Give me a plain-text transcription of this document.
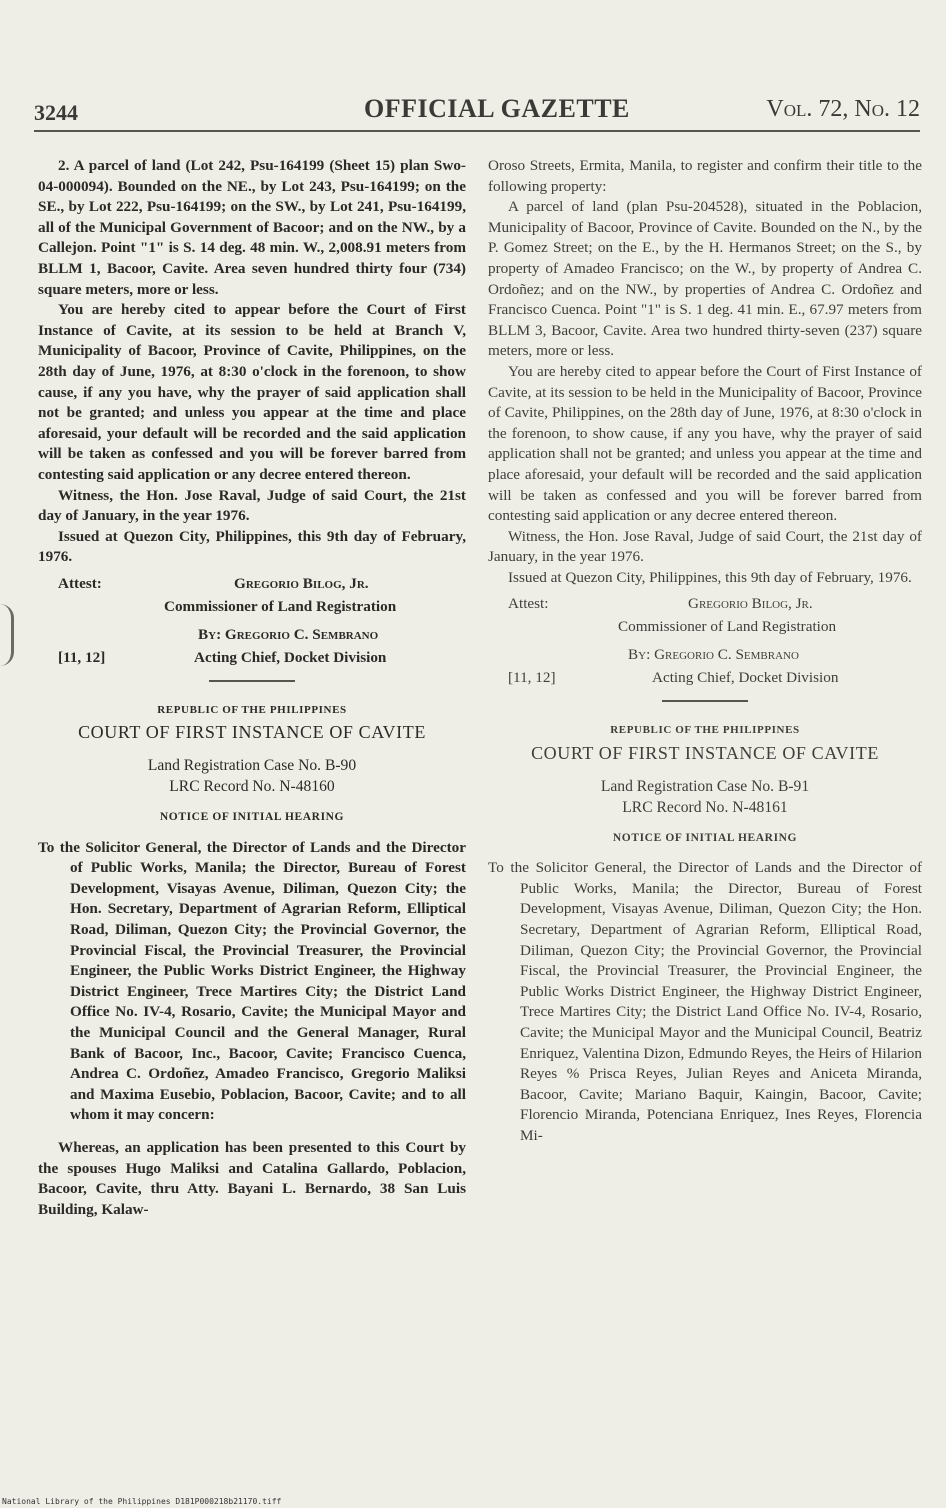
3244	OFFICIAL GAZETTE	Vol. 72, No. 12

2. A parcel of land (Lot 242, Psu-164199 (Sheet 15) plan Swo-04-000094). Bounded on the NE., by Lot 243, Psu-164199; on the SE., by Lot 222, Psu-164199; on the SW., by Lot 241, Psu-164199, all of the Municipal Government of Bacoor; and on the NW., by a Callejon. Point "1" is S. 14 deg. 48 min. W., 2,008.91 meters from BLLM 1, Bacoor, Cavite. Area seven hundred thirty four (734) square meters, more or less.

You are hereby cited to appear before the Court of First Instance of Cavite, at its session to be held at Branch V, Municipality of Bacoor, Province of Cavite, Philippines, on the 28th day of June, 1976, at 8:30 o'clock in the forenoon, to show cause, if any you have, why the prayer of said application shall not be granted; and unless you appear at the time and place aforesaid, your default will be recorded and the said application will be taken as confessed and you will be forever barred from contesting said application or any decree entered thereon.

Witness, the Hon. Jose Raval, Judge of said Court, the 21st day of January, in the year 1976.

Issued at Quezon City, Philippines, this 9th day of February, 1976.

Attest:	Gregorio Bilog, Jr.
Commissioner of Land Registration
By: Gregorio C. Sembrano
[11, 12]	Acting Chief, Docket Division
REPUBLIC OF THE PHILIPPINES
COURT OF FIRST INSTANCE OF CAVITE
Land Registration Case No. B-90
LRC Record No. N-48160
NOTICE OF INITIAL HEARING

To the Solicitor General, the Director of Lands and the Director of Public Works, Manila; the Director, Bureau of Forest Development, Visayas Avenue, Diliman, Quezon City; the Hon. Secretary, Department of Agrarian Reform, Elliptical Road, Diliman, Quezon City; the Provincial Governor, the Provincial Fiscal, the Provincial Treasurer, the Provincial Engineer, the Public Works District Engineer, the Highway District Engineer, Trece Martires City; the District Land Office No. IV-4, Rosario, Cavite; the Municipal Mayor and the Municipal Council and the General Manager, Rural Bank of Bacoor, Inc., Bacoor, Cavite; Francisco Cuenca, Andrea C. Ordoñez, Amadeo Francisco, Gregorio Maliksi and Maxima Eusebio, Poblacion, Bacoor, Cavite; and to all whom it may concern:

Whereas, an application has been presented to this Court by the spouses Hugo Maliksi and Catalina Gallardo, Poblacion, Bacoor, Cavite, thru Atty. Bayani L. Bernardo, 38 San Luis Building, Kalaw-

Oroso Streets, Ermita, Manila, to register and confirm their title to the following property:

A parcel of land (plan Psu-204528), situated in the Poblacion, Municipality of Bacoor, Province of Cavite. Bounded on the N., by the P. Gomez Street; on the E., by the H. Hermanos Street; on the S., by property of Amadeo Francisco; on the W., by property of Andrea C. Ordoñez; and on the NW., by properties of Andrea C. Ordoñez and Francisco Cuenca. Point "1" is S. 1 deg. 41 min. E., 67.97 meters from BLLM 3, Bacoor, Cavite. Area two hundred thirty-seven (237) square meters, more or less.

You are hereby cited to appear before the Court of First Instance of Cavite, at its session to be held in the Municipality of Bacoor, Province of Cavite, Philippines, on the 28th day of June, 1976, at 8:30 o'clock in the forenoon, to show cause, if any you have, why the prayer of said application shall not be granted; and unless you appear at the time and place aforesaid, your default will be recorded and the said application will be taken as confessed and you will be forever barred from contesting said application or any decree entered thereon.

Witness, the Hon. Jose Raval, Judge of said Court, the 21st day of January, in the year 1976.

Issued at Quezon City, Philippines, this 9th day of February, 1976.

Attest:	Gregorio Bilog, Jr.
Commissioner of Land Registration
By: Gregorio C. Sembrano
[11, 12]	Acting Chief, Docket Division
REPUBLIC OF THE PHILIPPINES
COURT OF FIRST INSTANCE OF CAVITE
Land Registration Case No. B-91
LRC Record No. N-48161
NOTICE OF INITIAL HEARING

To the Solicitor General, the Director of Lands and the Director of Public Works, Manila; the Director, Bureau of Forest Development, Visayas Avenue, Diliman, Quezon City; the Hon. Secretary, Department of Agrarian Reform, Elliptical Road, Diliman, Quezon City; the Provincial Governor, the Provincial Fiscal, the Provincial Treasurer, the Provincial Engineer, the Public Works District Engineer, the Highway District Engineer, Trece Martires City; the District Land Office No. IV-4, Rosario, Cavite; the Municipal Mayor and the Municipal Council, Beatriz Enriquez, Valentina Dizon, Edmundo Reyes, the Heirs of Hilarion Reyes % Prisca Reyes, Julian Reyes and Aniceta Miranda, Bacoor, Cavite; Mariano Baquir, Kaingin, Bacoor, Cavite; Florencio Miranda, Potenciana Enriquez, Ines Reyes, Florencia Mi-

National Library of the Philippines D181P000218b21170.tiff
